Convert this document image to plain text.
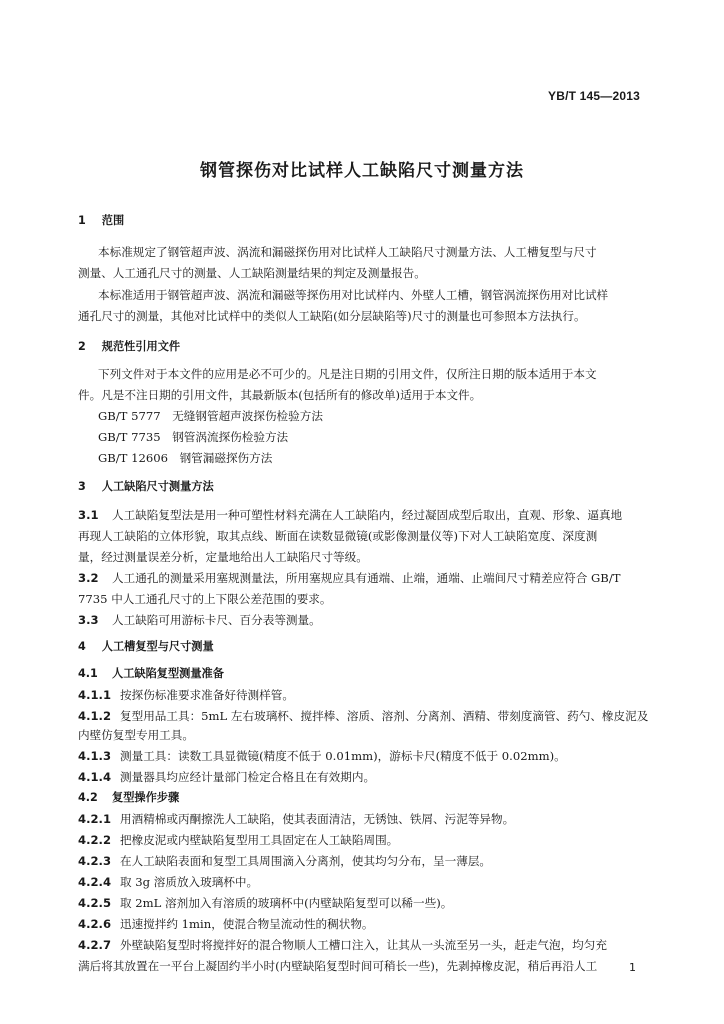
YB/T 145—2013
钢管探伤对比试样人工缺陷尺寸测量方法
1 范围
本标准规定了钢管超声波、涡流和漏磁探伤用对比试样人工缺陷尺寸测量方法、人工槽复型与尺寸
测量、人工通孔尺寸的测量、人工缺陷测量结果的判定及测量报告。
本标准适用于钢管超声波、涡流和漏磁等探伤用对比试样内、外壁人工槽，钢管涡流探伤用对比试样
通孔尺寸的测量，其他对比试样中的类似人工缺陷(如分层缺陷等)尺寸的测量也可参照本方法执行。
2 规范性引用文件
下列文件对于本文件的应用是必不可少的。凡是注日期的引用文件，仅所注日期的版本适用于本文
件。凡是不注日期的引用文件，其最新版本(包括所有的修改单)适用于本文件。
GB/T 5777　无缝钢管超声波探伤检验方法
GB/T 7735　钢管涡流探伤检验方法
GB/T 12606　钢管漏磁探伤方法
3 人工缺陷尺寸测量方法
3.1 人工缺陷复型法是用一种可塑性材料充满在人工缺陷内，经过凝固成型后取出，直观、形象、逼真地
再现人工缺陷的立体形貌，取其点线、断面在读数显微镜(或影像测量仪等)下对人工缺陷宽度、深度测
量，经过测量误差分析，定量地给出人工缺陷尺寸等级。
3.2 人工通孔的测量采用塞规测量法，所用塞规应具有通端、止端，通端、止端间尺寸精差应符合 GB/T
7735 中人工通孔尺寸的上下限公差范围的要求。
3.3 人工缺陷可用游标卡尺、百分表等测量。
4 人工槽复型与尺寸测量
4.1 人工缺陷复型测量准备
4.1.1 按探伤标准要求准备好待测样管。
4.1.2 复型用品工具：5mL 左右玻璃杯、搅拌棒、溶质、溶剂、分离剂、酒精、带刻度滴管、药勺、橡皮泥及
内壁仿复型专用工具。
4.1.3 测量工具：读数工具显微镜(精度不低于 0.01mm)，游标卡尺(精度不低于 0.02mm)。
4.1.4 测量器具均应经计量部门检定合格且在有效期内。
4.2 复型操作步骤
4.2.1 用酒精棉或丙酮擦洗人工缺陷，使其表面清洁，无锈蚀、铁屑、污泥等异物。
4.2.2 把橡皮泥或内壁缺陷复型用工具固定在人工缺陷周围。
4.2.3 在人工缺陷表面和复型工具周围滴入分离剂，使其均匀分布，呈一薄层。
4.2.4 取 3g 溶质放入玻璃杯中。
4.2.5 取 2mL 溶剂加入有溶质的玻璃杯中(内壁缺陷复型可以稀一些)。
4.2.6 迅速搅拌约 1min，使混合物呈流动性的稠状物。
4.2.7 外壁缺陷复型时将搅拌好的混合物顺人工槽口注入，让其从一头流至另一头，赶走气泡，均匀充
满后将其放置在一平台上凝固约半小时(内壁缺陷复型时间可稍长一些)，先剥掉橡皮泥，稍后再沿人工	1
